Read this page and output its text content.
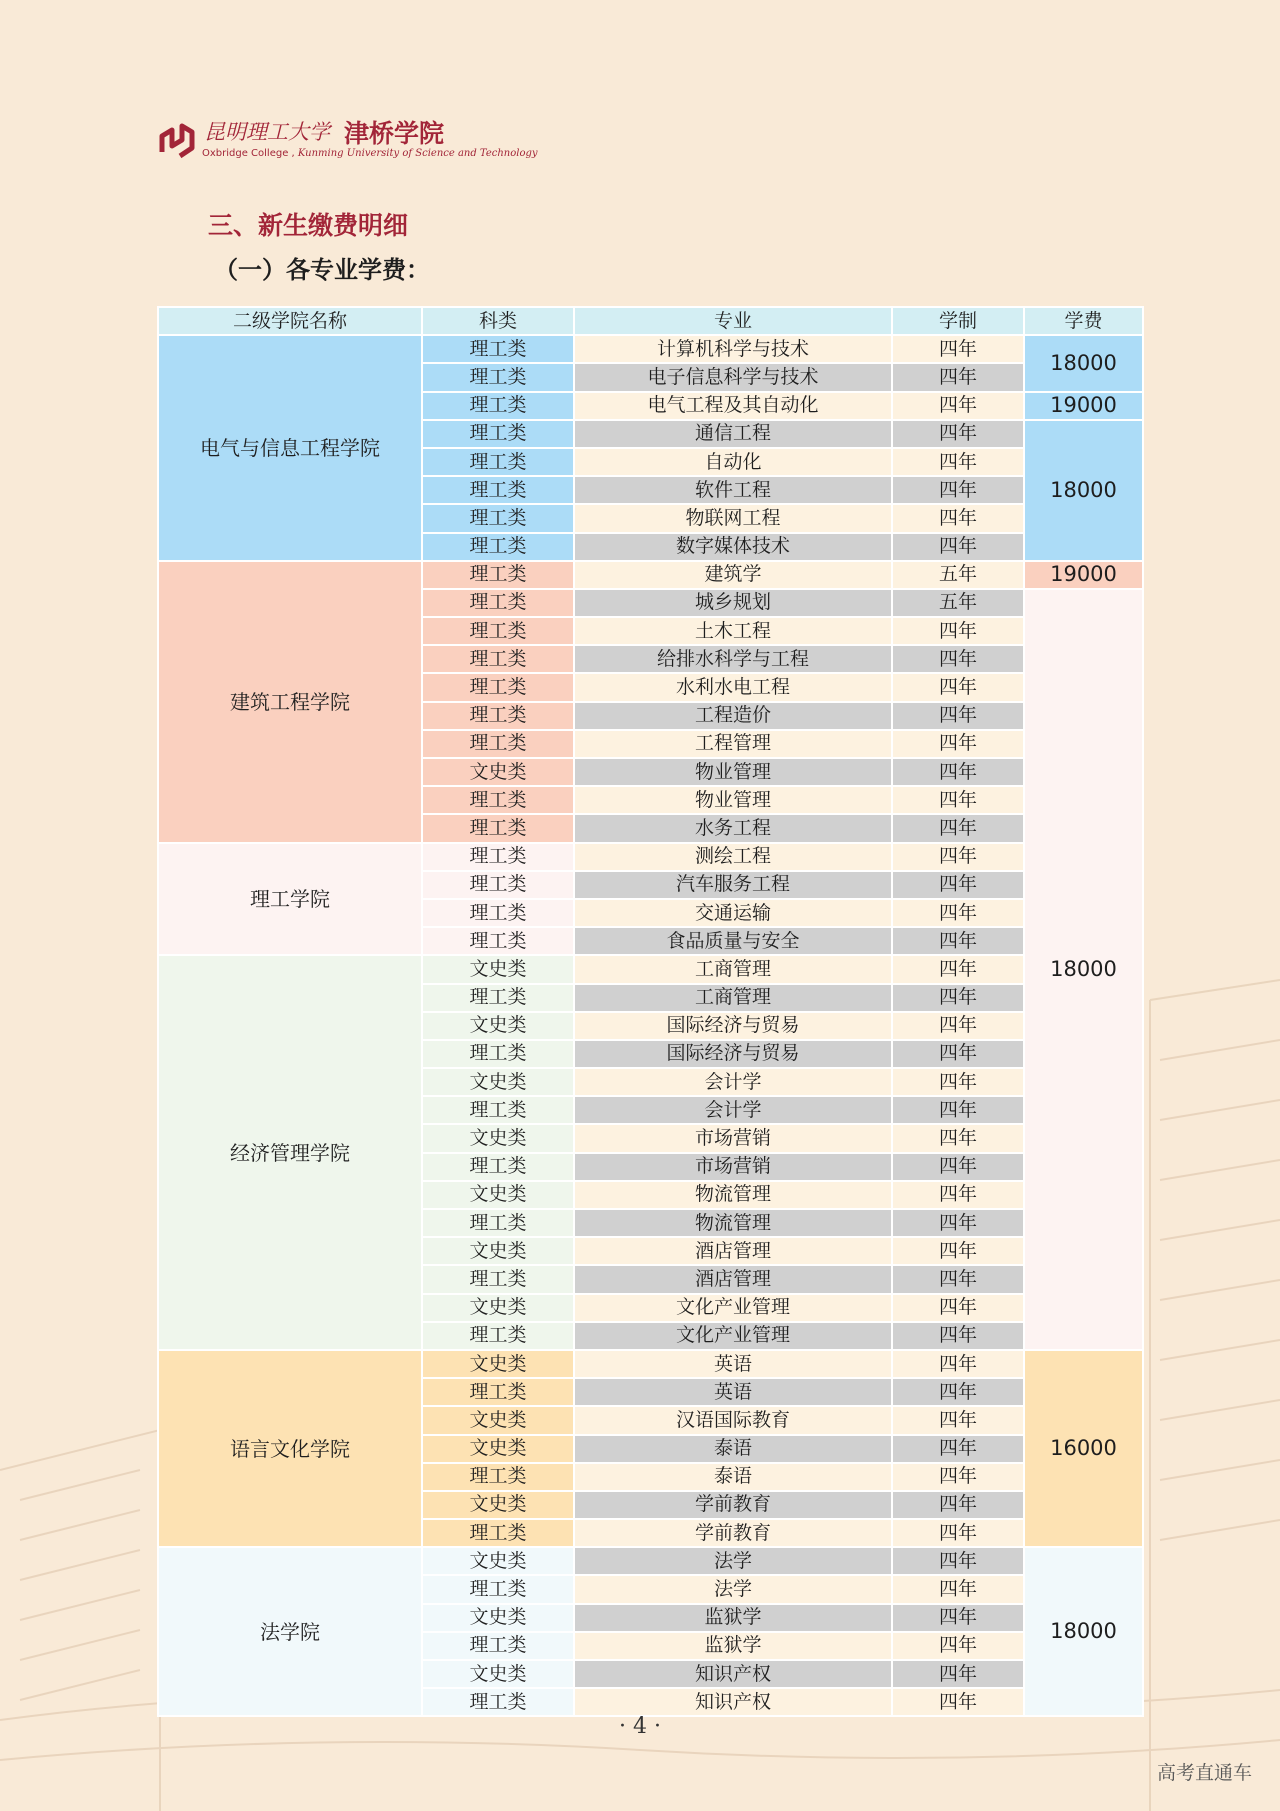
昆明理工大学 津桥学院
Oxbridge College , Kunming University of Science and Technology
三、新生缴费明细
（一）各专业学费：
二级学院名称	科类	专业	学制	学费
电气与信息工程学院	理工类	计算机科学与技术	四年	18000
	理工类	电子信息科学与技术	四年	
	理工类	电气工程及其自动化	四年	19000
	理工类	通信工程	四年	18000
	理工类	自动化	四年	
	理工类	软件工程	四年	
	理工类	物联网工程	四年	
	理工类	数字媒体技术	四年	
建筑工程学院	理工类	建筑学	五年	19000
	理工类	城乡规划	五年	18000
	理工类	土木工程	四年	
	理工类	给排水科学与工程	四年	
	理工类	水利水电工程	四年	
	理工类	工程造价	四年	
	理工类	工程管理	四年	
	文史类	物业管理	四年	
	理工类	物业管理	四年	
	理工类	水务工程	四年	
理工学院	理工类	测绘工程	四年	
	理工类	汽车服务工程	四年	
	理工类	交通运输	四年	
	理工类	食品质量与安全	四年	
经济管理学院	文史类	工商管理	四年	
	理工类	工商管理	四年	
	文史类	国际经济与贸易	四年	
	理工类	国际经济与贸易	四年	
	文史类	会计学	四年	
	理工类	会计学	四年	
	文史类	市场营销	四年	
	理工类	市场营销	四年	
	文史类	物流管理	四年	
	理工类	物流管理	四年	
	文史类	酒店管理	四年	
	理工类	酒店管理	四年	
	文史类	文化产业管理	四年	
	理工类	文化产业管理	四年	
语言文化学院	文史类	英语	四年	16000
	理工类	英语	四年	
	文史类	汉语国际教育	四年	
	文史类	泰语	四年	
	理工类	泰语	四年	
	文史类	学前教育	四年	
	理工类	学前教育	四年	
法学院	文史类	法学	四年	18000
	理工类	法学	四年	
	文史类	监狱学	四年	
	理工类	监狱学	四年	
	文史类	知识产权	四年	
	理工类	知识产权	四年	
· 4 ·
高考直通车
